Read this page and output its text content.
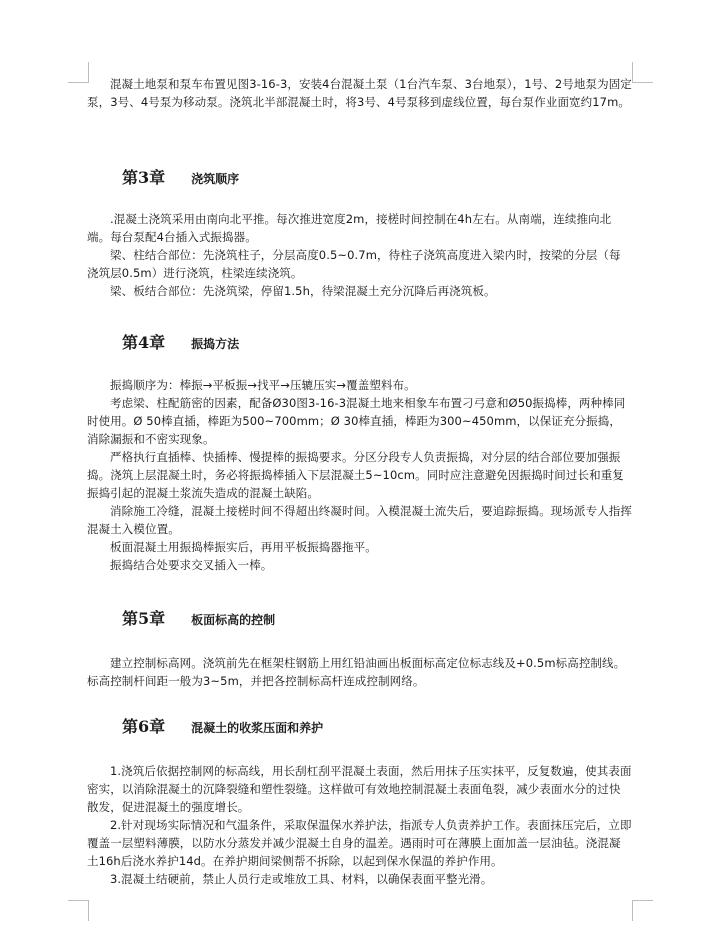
混凝土地泵和泵车布置见图3-16-3，安装4台混凝土泵（1台汽车泵、3台地泵），1号、2号地泵为固定泵，3号、4号泵为移动泵。浇筑北半部混凝土时，将3号、4号泵移到虚线位置，每台泵作业面宽约17m。

第3章 浇筑顺序

.混凝土浇筑采用由南向北平推。每次推进宽度2m，接槎时间控制在4h左右。从南端，连续推向北端。每台泵配4台插入式振捣器。

梁、柱结合部位：先浇筑柱子，分层高度0.5~0.7m，待柱子浇筑高度进入梁内时，按梁的分层（每浇筑层0.5m）进行浇筑，柱梁连续浇筑。

梁、板结合部位：先浇筑梁，停留1.5h，待梁混凝土充分沉降后再浇筑板。

第4章 振捣方法

振捣顺序为：棒振→平板振→找平→压辘压实→覆盖塑料布。

考虑梁、柱配筋密的因素，配备Ø30图3-16-3混凝土地来相象车布置刁弓意和Ø50振捣棒，两种棒同时使用。Ø 50棒直插，棒距为500~700mm；Ø 30棒直插，棒距为300~450mm，以保证充分振捣，消除漏振和不密实现象。

严格执行直插棒、快插棒、慢提棒的振捣要求。分区分段专人负责振捣，对分层的结合部位要加强振捣。浇筑上层混凝土时，务必将振捣棒插入下层混凝土5~10cm。同时应注意避免因振捣时间过长和重复振捣引起的混凝土浆流失造成的混凝土缺陷。

消除施工冷缝，混凝土接槎时间不得超出终凝时间。入模混凝土流失后，要追踪振捣。现场派专人指挥混凝土入模位置。

板面混凝土用振捣棒振实后，再用平板振捣器拖平。

振捣结合处要求交叉插入一棒。

第5章 板面标高的控制

建立控制标高网。浇筑前先在框架柱钢筋上用红铅油画出板面标高定位标志线及+0.5m标高控制线。标高控制杆间距一般为3~5m，并把各控制标高杆连成控制网络。

第6章 混凝土的收浆压面和养护

1.浇筑后依据控制网的标高线，用长刮杠刮平混凝土表面，然后用抹子压实抹平，反复数遍，使其表面密实，以消除混凝土的沉降裂缝和塑性裂缝。这样做可有效地控制混凝土表面龟裂，减少表面水分的过快散发，促进混凝土的强度增长。

2.针对现场实际情况和气温条件，采取保温保水养护法，指派专人负责养护工作。表面抹压完后，立即覆盖一层塑料薄膜，以防水分蒸发并减少混凝土自身的温差。遇雨时可在薄膜上面加盖一层油毡。浇混凝土16h后浇水养护14d。在养护期间梁侧帮不拆除，以起到保水保温的养护作用。

3.混凝土结硬前，禁止人员行走或堆放工具、材料，以确保表面平整光滑。
